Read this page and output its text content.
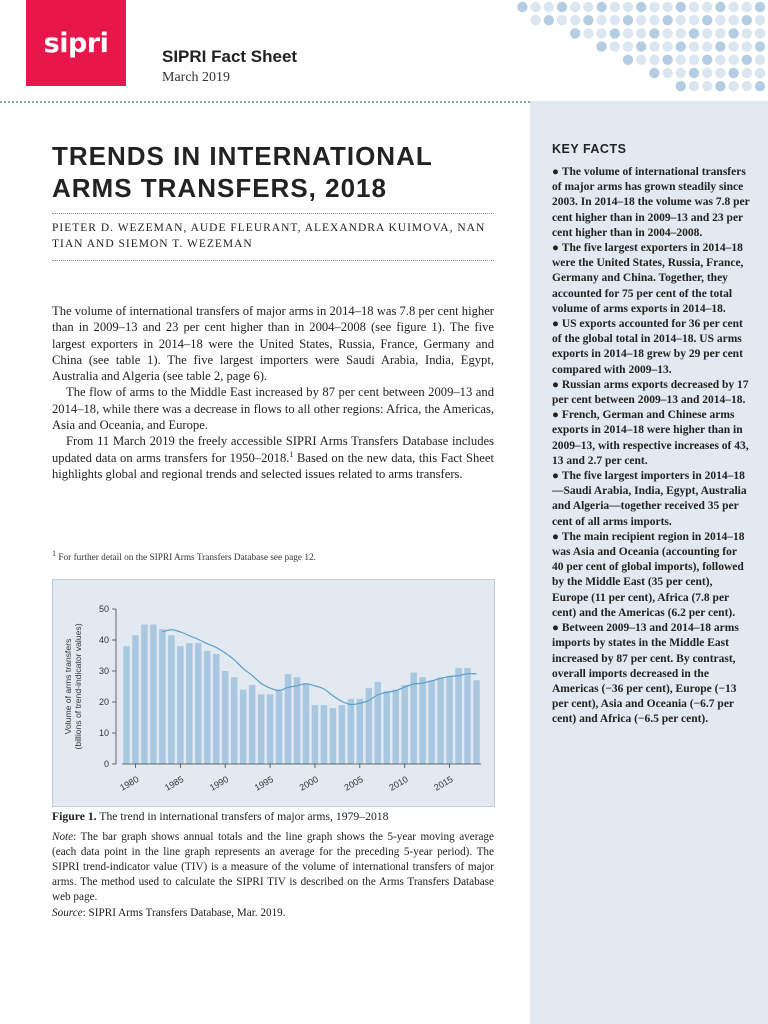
sipri	SIPRI Fact Sheet
March 2019
KEY FACTS
● The volume of international transfers of major arms has grown steadily since 2003. In 2014–18 the volume was 7.8 per cent higher than in 2009–13 and 23 per cent higher than in 2004–2008.
● The five largest exporters in 2014–18 were the United States, Russia, France, Germany and China. Together, they accounted for 75 per cent of the total volume of arms exports in 2014–18.
● US exports accounted for 36 per cent of the global total in 2014–18. US arms exports in 2014–18 grew by 29 per cent compared with 2009–13.
● Russian arms exports decreased by 17 per cent between 2009–13 and 2014–18.
● French, German and Chinese arms exports in 2014–18 were higher than in 2009–13, with respective increases of 43, 13 and 2.7 per cent.
● The five largest importers in 2014–18—Saudi Arabia, India, Egypt, Australia and Algeria—together received 35 per cent of all arms imports.
● The main recipient region in 2014–18 was Asia and Oceania (accounting for 40 per cent of global imports), followed by the Middle East (35 per cent), Europe (11 per cent), Africa (7.8 per cent) and the Americas (6.2 per cent).
● Between 2009–13 and 2014–18 arms imports by states in the Middle East increased by 87 per cent. By contrast, overall imports decreased in the Americas (−36 per cent), Europe (−13 per cent), Asia and Oceania (−6.7 per cent) and Africa (−6.5 per cent).
TRENDS IN INTERNATIONAL ARMS TRANSFERS, 2018

PIETER D. WEZEMAN, AUDE FLEURANT, ALEXANDRA KUIMOVA, NAN TIAN AND SIEMON T. WEZEMAN

The volume of international transfers of major arms in 2014–18 was 7.8 per cent higher than in 2009–13 and 23 per cent higher than in 2004–2008 (see figure 1). The five largest exporters in 2014–18 were the United States, Russia, France, Germany and China (see table 1). The five largest importers were Saudi Arabia, India, Egypt, Australia and Algeria (see table 2, page 6).

The flow of arms to the Middle East increased by 87 per cent between 2009–13 and 2014–18, while there was a decrease in flows to all other regions: Africa, the Americas, Asia and Oceania, and Europe.

From 11 March 2019 the freely accessible SIPRI Arms Transfers Database includes updated data on arms transfers for 1950–2018.$^1$ Based on the new data, this Fact Sheet highlights global and regional trends and selected issues related to arms transfers.

$^1$ For further detail on the SIPRI Arms Transfers Database see page 12.
Volume of arms transfers(billions of trend-indicator values)
0
10
20
30
40
50
1980	1985	1990	1995	2000	2005	2010	2015
Figure 1. The trend in international transfers of major arms, 1979–2018

Note: The bar graph shows annual totals and the line graph shows the 5-year moving average (each data point in the line graph represents an average for the preceding 5-year period). The SIPRI trend-indicator value (TIV) is a measure of the volume of international transfers of major arms. The method used to calculate the SIPRI TIV is described on the Arms Transfers Database web page.

Source: SIPRI Arms Transfers Database, Mar. 2019.
